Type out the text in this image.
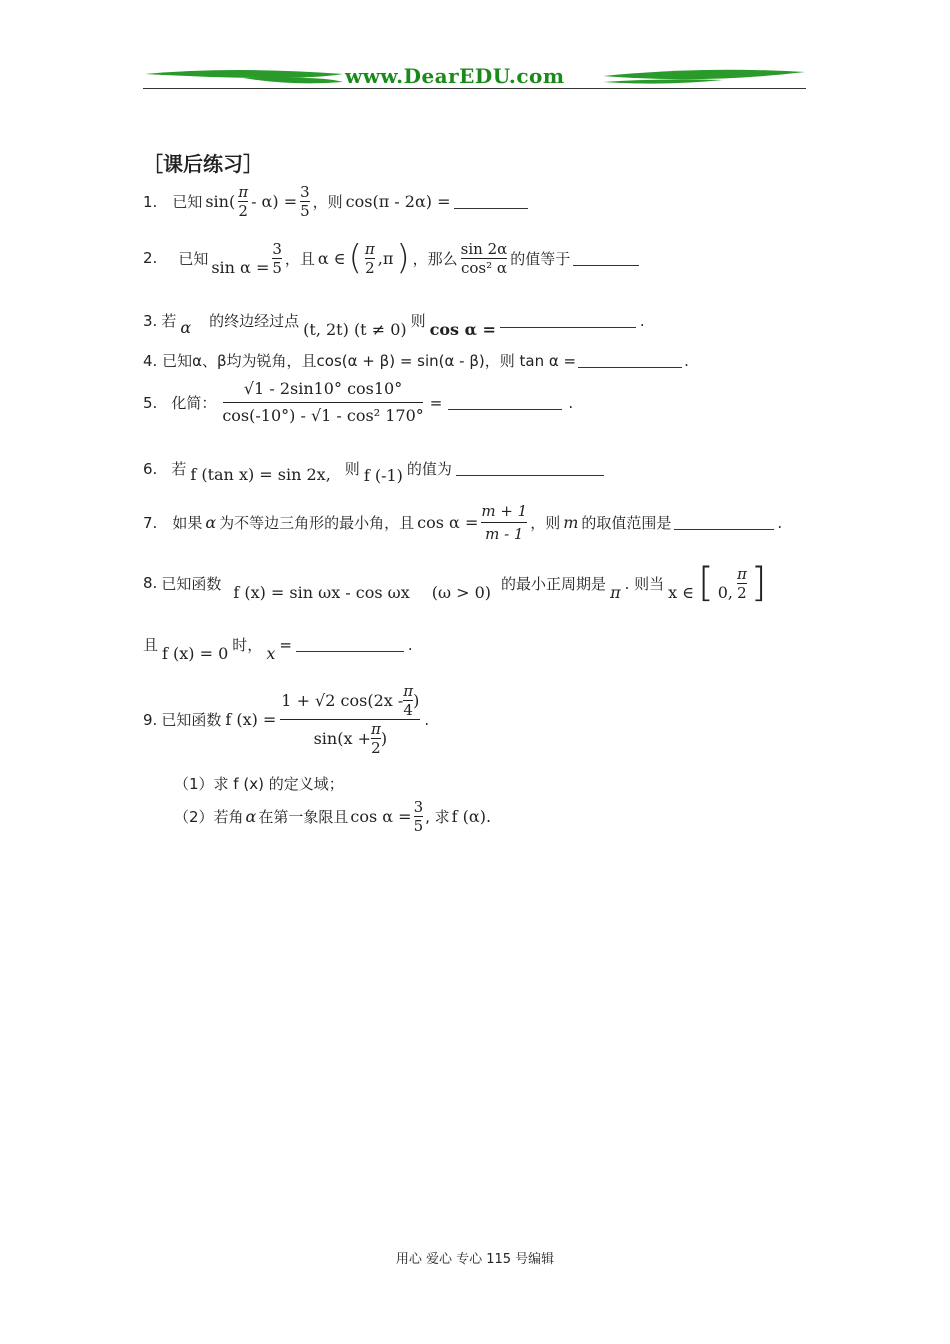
www.DearEDU.com
［课后练习］
1. 已知 $\sin( \frac{\pi}{2} - \alpha) = \frac{3}{5}$ ，则 cos(π - 2α) =
2. 已知 $\sin \alpha = \frac{3}{5}$ ，且 α ∈ ( $\frac{\pi}{2} ,\pi$ ) ，那么 $\frac{\sin 2\alpha}{\text{cos² α}}$ 的值等于
3. 若 α 的终边经过点 (t, 2t) (t ≠ 0) 则 cos α =	.
4. 已知α、β均为锐角，且cos(α + β) = sin(α - β)，则 tan α =	.
5. 化简： $\frac{√1 - 2\sin 10^\circ \cos 10^\circ}{\text{cos(-10°) - √1 - cos² 170°}}$ =	.
6. 若 f (tan x) = sin 2x, 则 f (-1) 的值为
7. 如果 α 为不等边三角形的最小角，且 $\cos \alpha = \frac{m + 1}{m - 1}$ ，则 m 的取值范围是	.
8. 已知函数 f (x) = sin ωx - cos ωx (ω > 0) 的最小正周期是 π . 则当 x ∈ [ 0, $\frac{\pi}{2}$ ]
且 f (x) = 0 时， x =	.
9. 已知函数 f $(x) = \frac{1 + √2 \cos(2x - \frac{\pi}{4} )}{\sin(x + \frac{\pi}{2} )}$ .
（1）求 f (x) 的定义域；
（2）若角 α 在第一象限且 $\cos \alpha = \frac{3}{5}$ , 求 f (α).
用心 爱心 专心 115 号编辑
